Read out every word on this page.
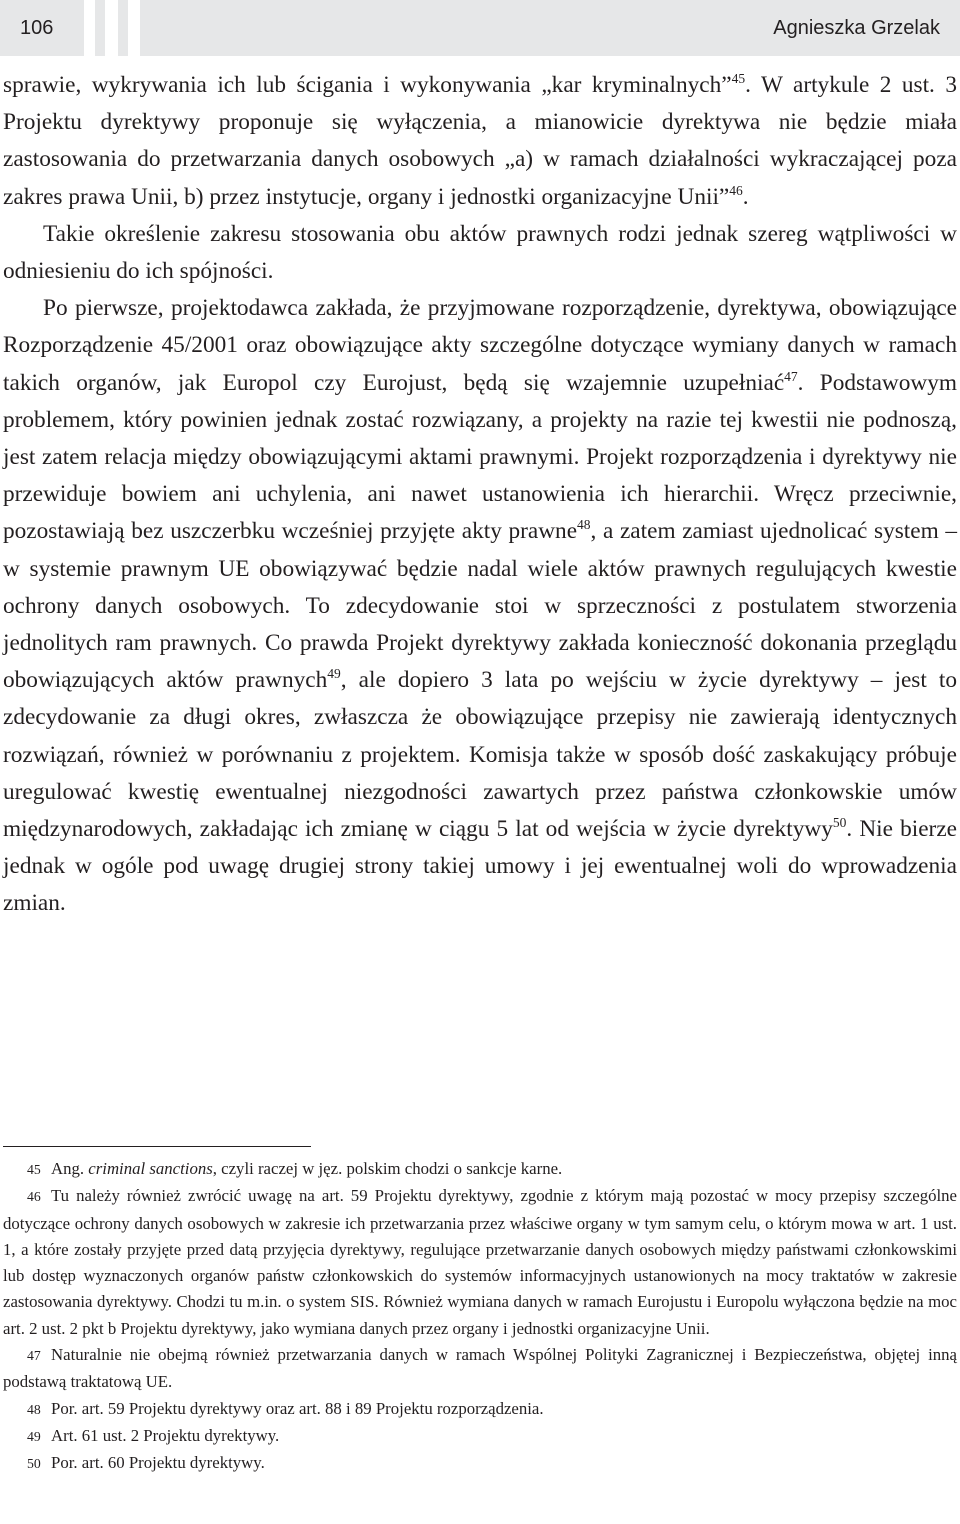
106	Agnieszka Grzelak

sprawie, wykrywania ich lub ścigania i wykonywania „kar kryminalnych”$^{45}$. W artykule 2 ust. 3 Projektu dyrektywy proponuje się wyłączenia, a mianowicie dyrektywa nie będzie miała zastosowania do przetwarzania danych osobowych „a) w ramach działalności wykraczającej poza zakres prawa Unii, b) przez instytucje, organy i jednostki organizacyjne Unii”$^{46}$.

Takie określenie zakresu stosowania obu aktów prawnych rodzi jednak szereg wątpliwości w odniesieniu do ich spójności.

Po pierwsze, projektodawca zakłada, że przyjmowane rozporządzenie, dyrektywa, obowiązujące Rozporządzenie 45/2001 oraz obowiązujące akty szczególne dotyczące wymiany danych w ramach takich organów, jak Europol czy Eurojust, będą się wzajemnie uzupełniać$^{47}$. Podstawowym problemem, który powinien jednak zostać rozwiązany, a projekty na razie tej kwestii nie podnoszą, jest zatem relacja między obowiązującymi aktami prawnymi. Projekt rozporządzenia i dyrektywy nie przewiduje bowiem ani uchylenia, ani nawet ustanowienia ich hierarchii. Wręcz przeciwnie, pozostawiają bez uszczerbku wcześniej przyjęte akty prawne$^{48}$, a zatem zamiast ujednolicać system – w systemie prawnym UE obowiązywać będzie nadal wiele aktów prawnych regulujących kwestie ochrony danych osobowych. To zdecydowanie stoi w sprzeczności z postulatem stworzenia jednolitych ram prawnych. Co prawda Projekt dyrektywy zakłada konieczność dokonania przeglądu obowiązujących aktów prawnych$^{49}$, ale dopiero 3 lata po wejściu w życie dyrektywy – jest to zdecydowanie za długi okres, zwłaszcza że obowiązujące przepisy nie zawierają identycznych rozwiązań, również w porównaniu z projektem. Komisja także w sposób dość zaskakujący próbuje uregulować kwestię ewentualnej niezgodności zawartych przez państwa członkowskie umów międzynarodowych, zakładając ich zmianę w ciągu 5 lat od wejścia w życie dyrektywy$^{50}$. Nie bierze jednak w ogóle pod uwagę drugiej strony takiej umowy i jej ewentualnej woli do wprowadzenia zmian.

45 Ang. criminal sanctions, czyli raczej w jęz. polskim chodzi o sankcje karne.

46 Tu należy również zwrócić uwagę na art. 59 Projektu dyrektywy, zgodnie z którym mają pozostać w mocy przepisy szczególne dotyczące ochrony danych osobowych w zakresie ich przetwarzania przez właściwe organy w tym samym celu, o którym mowa w art. 1 ust. 1, a które zostały przyjęte przed datą przyjęcia dyrektywy, regulujące przetwarzanie danych osobowych między państwami członkowskimi lub dostęp wyznaczonych organów państw członkowskich do systemów informacyjnych ustanowionych na mocy traktatów w zakresie zastosowania dyrektywy. Chodzi tu m.in. o system SIS. Również wymiana danych w ramach Eurojustu i Europolu wyłączona będzie na moc art. 2 ust. 2 pkt b Projektu dyrektywy, jako wymiana danych przez organy i jednostki organizacyjne Unii.

47 Naturalnie nie obejmą również przetwarzania danych w ramach Wspólnej Polityki Zagranicznej i Bezpieczeństwa, objętej inną podstawą traktatową UE.

48 Por. art. 59 Projektu dyrektywy oraz art. 88 i 89 Projektu rozporządzenia.

49 Art. 61 ust. 2 Projektu dyrektywy.

50 Por. art. 60 Projektu dyrektywy.
